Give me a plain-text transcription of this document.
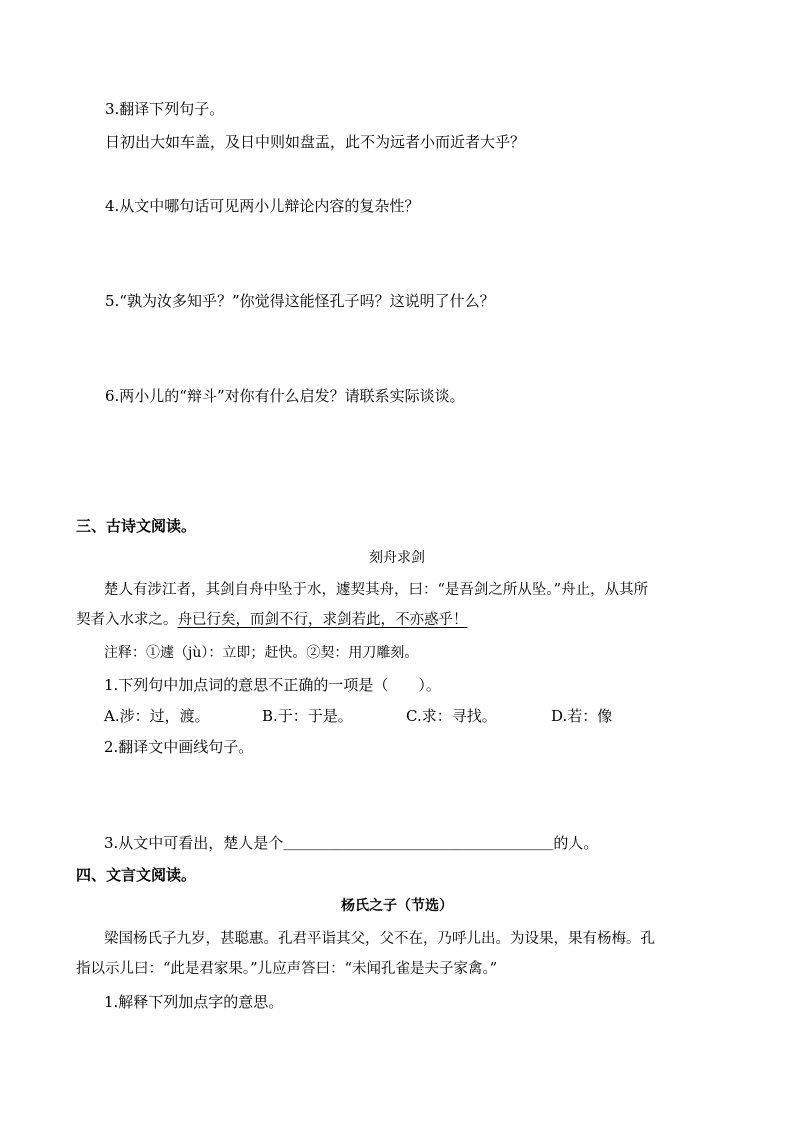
3.翻译下列句子。
日初出大如车盖，及日中则如盘盂，此不为远者小而近者大乎？
4.从文中哪句话可见两小儿辩论内容的复杂性？
5.“孰为汝多知乎？”你觉得这能怪孔子吗？这说明了什么？
6.两小儿的“辩斗”对你有什么启发？请联系实际谈谈。
三、古诗文阅读。
刻舟求剑
楚人有涉江者，其剑自舟中坠于水，遽契其舟，曰：“是吾剑之所从坠。”舟止，从其所
契者入水求之。舟已行矣，而剑不行，求剑若此，不亦惑乎！
注释：①遽（jù）：立即；赶快。②契：用刀雕刻。
1.下列句中加点词的意思不正确的一项是（　　）。
A.涉：过，渡。	B.于：于是。	C.求：寻找。	D.若：像
2.翻译文中画线句子。
3.从文中可看出，楚人是个＿＿＿＿＿＿＿＿＿＿＿＿＿＿＿＿＿＿的人。
四、文言文阅读。
杨氏之子（节选）
梁国杨氏子九岁，甚聪惠。孔君平诣其父，父不在，乃呼儿出。为设果，果有杨梅。孔
指以示儿曰：“此是君家果。”儿应声答曰：“未闻孔雀是夫子家禽。”
1.解释下列加点字的意思。
